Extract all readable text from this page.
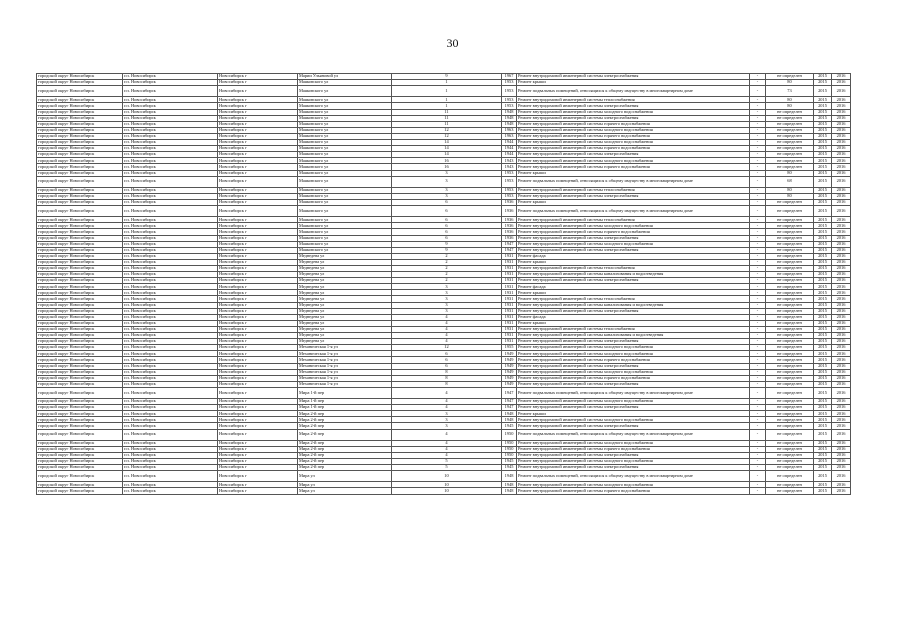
30
городской округ Новосибирск	г.п. Новосибирск	Новосибирск г	Марии Ульяновой ул	9	1967	Ремонт внутридомовой инженерной системы электроснабжения	-	не определен	2015	2016
городской округ Новосибирск	г.п. Новосибирск	Новосибирск г	Маяковского ул	1	1953	Ремонт крыши	-	80	2015	2016
городской округ Новосибирск	г.п. Новосибирск	Новосибирск г	Маяковского ул	1	1953	Ремонт подвальных помещений, относящихся к общему имуществу в многоквартирном доме	-	73	2015	2016
городской округ Новосибирск	г.п. Новосибирск	Новосибирск г	Маяковского ул	1	1953	Ремонт внутридомовой инженерной системы теплоснабжения	-	80	2015	2016
городской округ Новосибирск	г.п. Новосибирск	Новосибирск г	Маяковского ул	1	1953	Ремонт внутридомовой инженерной системы электроснабжения	-	80	2015	2016
городской округ Новосибирск	г.п. Новосибирск	Новосибирск г	Маяковского ул	11	1948	Ремонт внутридомовой инженерной системы холодного водоснабжения	-	не определен	2015	2016
городской округ Новосибирск	г.п. Новосибирск	Новосибирск г	Маяковского ул	11	1948	Ремонт внутридомовой инженерной системы электроснабжения	-	не определен	2015	2016
городской округ Новосибирск	г.п. Новосибирск	Новосибирск г	Маяковского ул	11	1948	Ремонт внутридомовой инженерной системы горячего водоснабжения	-	не определен	2015	2016
городской округ Новосибирск	г.п. Новосибирск	Новосибирск г	Маяковского ул	12	1963	Ремонт внутридомовой инженерной системы холодного водоснабжения	-	не определен	2015	2016
городской округ Новосибирск	г.п. Новосибирск	Новосибирск г	Маяковского ул	12	1963	Ремонт внутридомовой инженерной системы горячего водоснабжения	-	не определен	2015	2016
городской округ Новосибирск	г.п. Новосибирск	Новосибирск г	Маяковского ул	14	1944	Ремонт внутридомовой инженерной системы холодного водоснабжения	-	не определен	2015	2016
городской округ Новосибирск	г.п. Новосибирск	Новосибирск г	Маяковского ул	14	1944	Ремонт внутридомовой инженерной системы горячего водоснабжения	-	не определен	2015	2016
городской округ Новосибирск	г.п. Новосибирск	Новосибирск г	Маяковского ул	14	1944	Ремонт внутридомовой инженерной системы электроснабжения	-	не определен	2015	2016
городской округ Новосибирск	г.п. Новосибирск	Новосибирск г	Маяковского ул	16	1943	Ремонт внутридомовой инженерной системы холодного водоснабжения	-	не определен	2015	2016
городской округ Новосибирск	г.п. Новосибирск	Новосибирск г	Маяковского ул	16	1943	Ремонт внутридомовой инженерной системы горячего водоснабжения	-	не определен	2015	2016
городской округ Новосибирск	г.п. Новосибирск	Новосибирск г	Маяковского ул	3	1953	Ремонт крыши	-	80	2015	2016
городской округ Новосибирск	г.п. Новосибирск	Новосибирск г	Маяковского ул	3	1953	Ремонт подвальных помещений, относящихся к общему имуществу в многоквартирном доме	-	68	2015	2016
городской округ Новосибирск	г.п. Новосибирск	Новосибирск г	Маяковского ул	3	1953	Ремонт внутридомовой инженерной системы теплоснабжения	-	80	2015	2016
городской округ Новосибирск	г.п. Новосибирск	Новосибирск г	Маяковского ул	3	1953	Ремонт внутридомовой инженерной системы электроснабжения	-	80	2015	2016
городской округ Новосибирск	г.п. Новосибирск	Новосибирск г	Маяковского ул	6	1936	Ремонт крыши	-	не определен	2015	2016
городской округ Новосибирск	г.п. Новосибирск	Новосибирск г	Маяковского ул	6	1936	Ремонт подвальных помещений, относящихся к общему имуществу в многоквартирном доме	-	не определен	2015	2016
городской округ Новосибирск	г.п. Новосибирск	Новосибирск г	Маяковского ул	6	1936	Ремонт внутридомовой инженерной системы теплоснабжения	-	не определен	2015	2016
городской округ Новосибирск	г.п. Новосибирск	Новосибирск г	Маяковского ул	6	1936	Ремонт внутридомовой инженерной системы холодного водоснабжения	-	не определен	2015	2016
городской округ Новосибирск	г.п. Новосибирск	Новосибирск г	Маяковского ул	6	1936	Ремонт внутридомовой инженерной системы горячего водоснабжения	-	не определен	2015	2016
городской округ Новосибирск	г.п. Новосибирск	Новосибирск г	Маяковского ул	6	1936	Ремонт внутридомовой инженерной системы электроснабжения	-	не определен	2015	2016
городской округ Новосибирск	г.п. Новосибирск	Новосибирск г	Маяковского ул	9	1947	Ремонт внутридомовой инженерной системы холодного водоснабжения	-	не определен	2015	2016
городской округ Новосибирск	г.п. Новосибирск	Новосибирск г	Маяковского ул	9	1947	Ремонт внутридомовой инженерной системы электроснабжения	-	не определен	2015	2016
городской округ Новосибирск	г.п. Новосибирск	Новосибирск г	Медведева ул	2	1931	Ремонт фасада	-	не определен	2015	2016
городской округ Новосибирск	г.п. Новосибирск	Новосибирск г	Медведева ул	2	1931	Ремонт крыши	-	не определен	2015	2016
городской округ Новосибирск	г.п. Новосибирск	Новосибирск г	Медведева ул	2	1931	Ремонт внутридомовой инженерной системы теплоснабжения	-	не определен	2015	2016
городской округ Новосибирск	г.п. Новосибирск	Новосибирск г	Медведева ул	2	1931	Ремонт внутридомовой инженерной системы канализования и водоотведения	-	не определен	2015	2016
городской округ Новосибирск	г.п. Новосибирск	Новосибирск г	Медведева ул	2	1931	Ремонт внутридомовой инженерной системы электроснабжения	-	не определен	2015	2016
городской округ Новосибирск	г.п. Новосибирск	Новосибирск г	Медведева ул	3	1931	Ремонт фасада	-	не определен	2015	2016
городской округ Новосибирск	г.п. Новосибирск	Новосибирск г	Медведева ул	3	1931	Ремонт крыши	-	не определен	2015	2016
городской округ Новосибирск	г.п. Новосибирск	Новосибирск г	Медведева ул	3	1931	Ремонт внутридомовой инженерной системы теплоснабжения	-	не определен	2015	2016
городской округ Новосибирск	г.п. Новосибирск	Новосибирск г	Медведева ул	3	1931	Ремонт внутридомовой инженерной системы канализования и водоотведения	-	не определен	2015	2016
городской округ Новосибирск	г.п. Новосибирск	Новосибирск г	Медведева ул	3	1931	Ремонт внутридомовой инженерной системы электроснабжения	-	не определен	2015	2016
городской округ Новосибирск	г.п. Новосибирск	Новосибирск г	Медведева ул	4	1931	Ремонт фасада	-	не определен	2015	2016
городской округ Новосибирск	г.п. Новосибирск	Новосибирск г	Медведева ул	4	1931	Ремонт крыши	-	не определен	2015	2016
городской округ Новосибирск	г.п. Новосибирск	Новосибирск г	Медведева ул	4	1931	Ремонт внутридомовой инженерной системы теплоснабжения	-	не определен	2015	2016
городской округ Новосибирск	г.п. Новосибирск	Новосибирск г	Медведева ул	4	1931	Ремонт внутридомовой инженерной системы канализования и водоотведения	-	не определен	2015	2016
городской округ Новосибирск	г.п. Новосибирск	Новосибирск г	Медведева ул	4	1931	Ремонт внутридомовой инженерной системы электроснабжения	-	не определен	2015	2016
городской округ Новосибирск	г.п. Новосибирск	Новосибирск г	Механическая 1-я ул	12	1955	Ремонт внутридомовой инженерной системы холодного водоснабжения	-	не определен	2015	2016
городской округ Новосибирск	г.п. Новосибирск	Новосибирск г	Механическая 1-я ул	6	1949	Ремонт внутридомовой инженерной системы холодного водоснабжения	-	не определен	2015	2016
городской округ Новосибирск	г.п. Новосибирск	Новосибирск г	Механическая 1-я ул	6	1949	Ремонт внутридомовой инженерной системы горячего водоснабжения	-	не определен	2015	2016
городской округ Новосибирск	г.п. Новосибирск	Новосибирск г	Механическая 1-я ул	6	1949	Ремонт внутридомовой инженерной системы электроснабжения	-	не определен	2015	2016
городской округ Новосибирск	г.п. Новосибирск	Новосибирск г	Механическая 1-я ул	8	1949	Ремонт внутридомовой инженерной системы холодного водоснабжения	-	не определен	2015	2016
городской округ Новосибирск	г.п. Новосибирск	Новосибирск г	Механическая 1-я ул	8	1949	Ремонт внутридомовой инженерной системы горячего водоснабжения	-	не определен	2015	2016
городской округ Новосибирск	г.п. Новосибирск	Новосибирск г	Механическая 1-я ул	8	1949	Ремонт внутридомовой инженерной системы электроснабжения	-	не определен	2015	2016
городской округ Новосибирск	г.п. Новосибирск	Новосибирск г	Мира 1-й пер	4	1947	Ремонт подвальных помещений, относящихся к общему имуществу в многоквартирном доме	-	не определен	2015	2016
городской округ Новосибирск	г.п. Новосибирск	Новосибирск г	Мира 1-й пер	4	1947	Ремонт внутридомовой инженерной системы холодного водоснабжения	-	не определен	2015	2016
городской округ Новосибирск	г.п. Новосибирск	Новосибирск г	Мира 1-й пер	4	1947	Ремонт внутридомовой инженерной системы электроснабжения	-	не определен	2015	2016
городской округ Новосибирск	г.п. Новосибирск	Новосибирск г	Мира 2-й пер	3	1948	Ремонт крыши	-	не определен	2015	2016
городской округ Новосибирск	г.п. Новосибирск	Новосибирск г	Мира 2-й пер	3	1948	Ремонт внутридомовой инженерной системы холодного водоснабжения	-	не определен	2015	2016
городской округ Новосибирск	г.п. Новосибирск	Новосибирск г	Мира 2-й пер	3	1945	Ремонт внутридомовой инженерной системы электроснабжения	-	не определен	2015	2016
городской округ Новосибирск	г.п. Новосибирск	Новосибирск г	Мира 2-й пер	4	1950	Ремонт подвальных помещений, относящихся к общему имуществу в многоквартирном доме	-	не определен	2015	2016
городской округ Новосибирск	г.п. Новосибирск	Новосибирск г	Мира 2-й пер	4	1950	Ремонт внутридомовой инженерной системы холодного водоснабжения	-	не определен	2015	2016
городской округ Новосибирск	г.п. Новосибирск	Новосибирск г	Мира 2-й пер	4	1950	Ремонт внутридомовой инженерной системы горячего водоснабжения	-	не определен	2015	2016
городской округ Новосибирск	г.п. Новосибирск	Новосибирск г	Мира 2-й пер	4	1950	Ремонт внутридомовой инженерной системы электроснабжения	-	не определен	2015	2016
городской округ Новосибирск	г.п. Новосибирск	Новосибирск г	Мира 2-й пер	5	1945	Ремонт внутридомовой инженерной системы холодного водоснабжения	-	не определен	2015	2016
городской округ Новосибирск	г.п. Новосибирск	Новосибирск г	Мира 2-й пер	5	1945	Ремонт внутридомовой инженерной системы электроснабжения	-	не определен	2015	2016
городской округ Новосибирск	г.п. Новосибирск	Новосибирск г	Мира ул	10	1948	Ремонт подвальных помещений, относящихся к общему имуществу в многоквартирном доме	-	не определен	2015	2016
городской округ Новосибирск	г.п. Новосибирск	Новосибирск г	Мира ул	10	1948	Ремонт внутридомовой инженерной системы холодного водоснабжения	-	не определен	2015	2016
городской округ Новосибирск	г.п. Новосибирск	Новосибирск г	Мира ул	10	1948	Ремонт внутридомовой инженерной системы горячего водоснабжения	-	не определен	2015	2016
